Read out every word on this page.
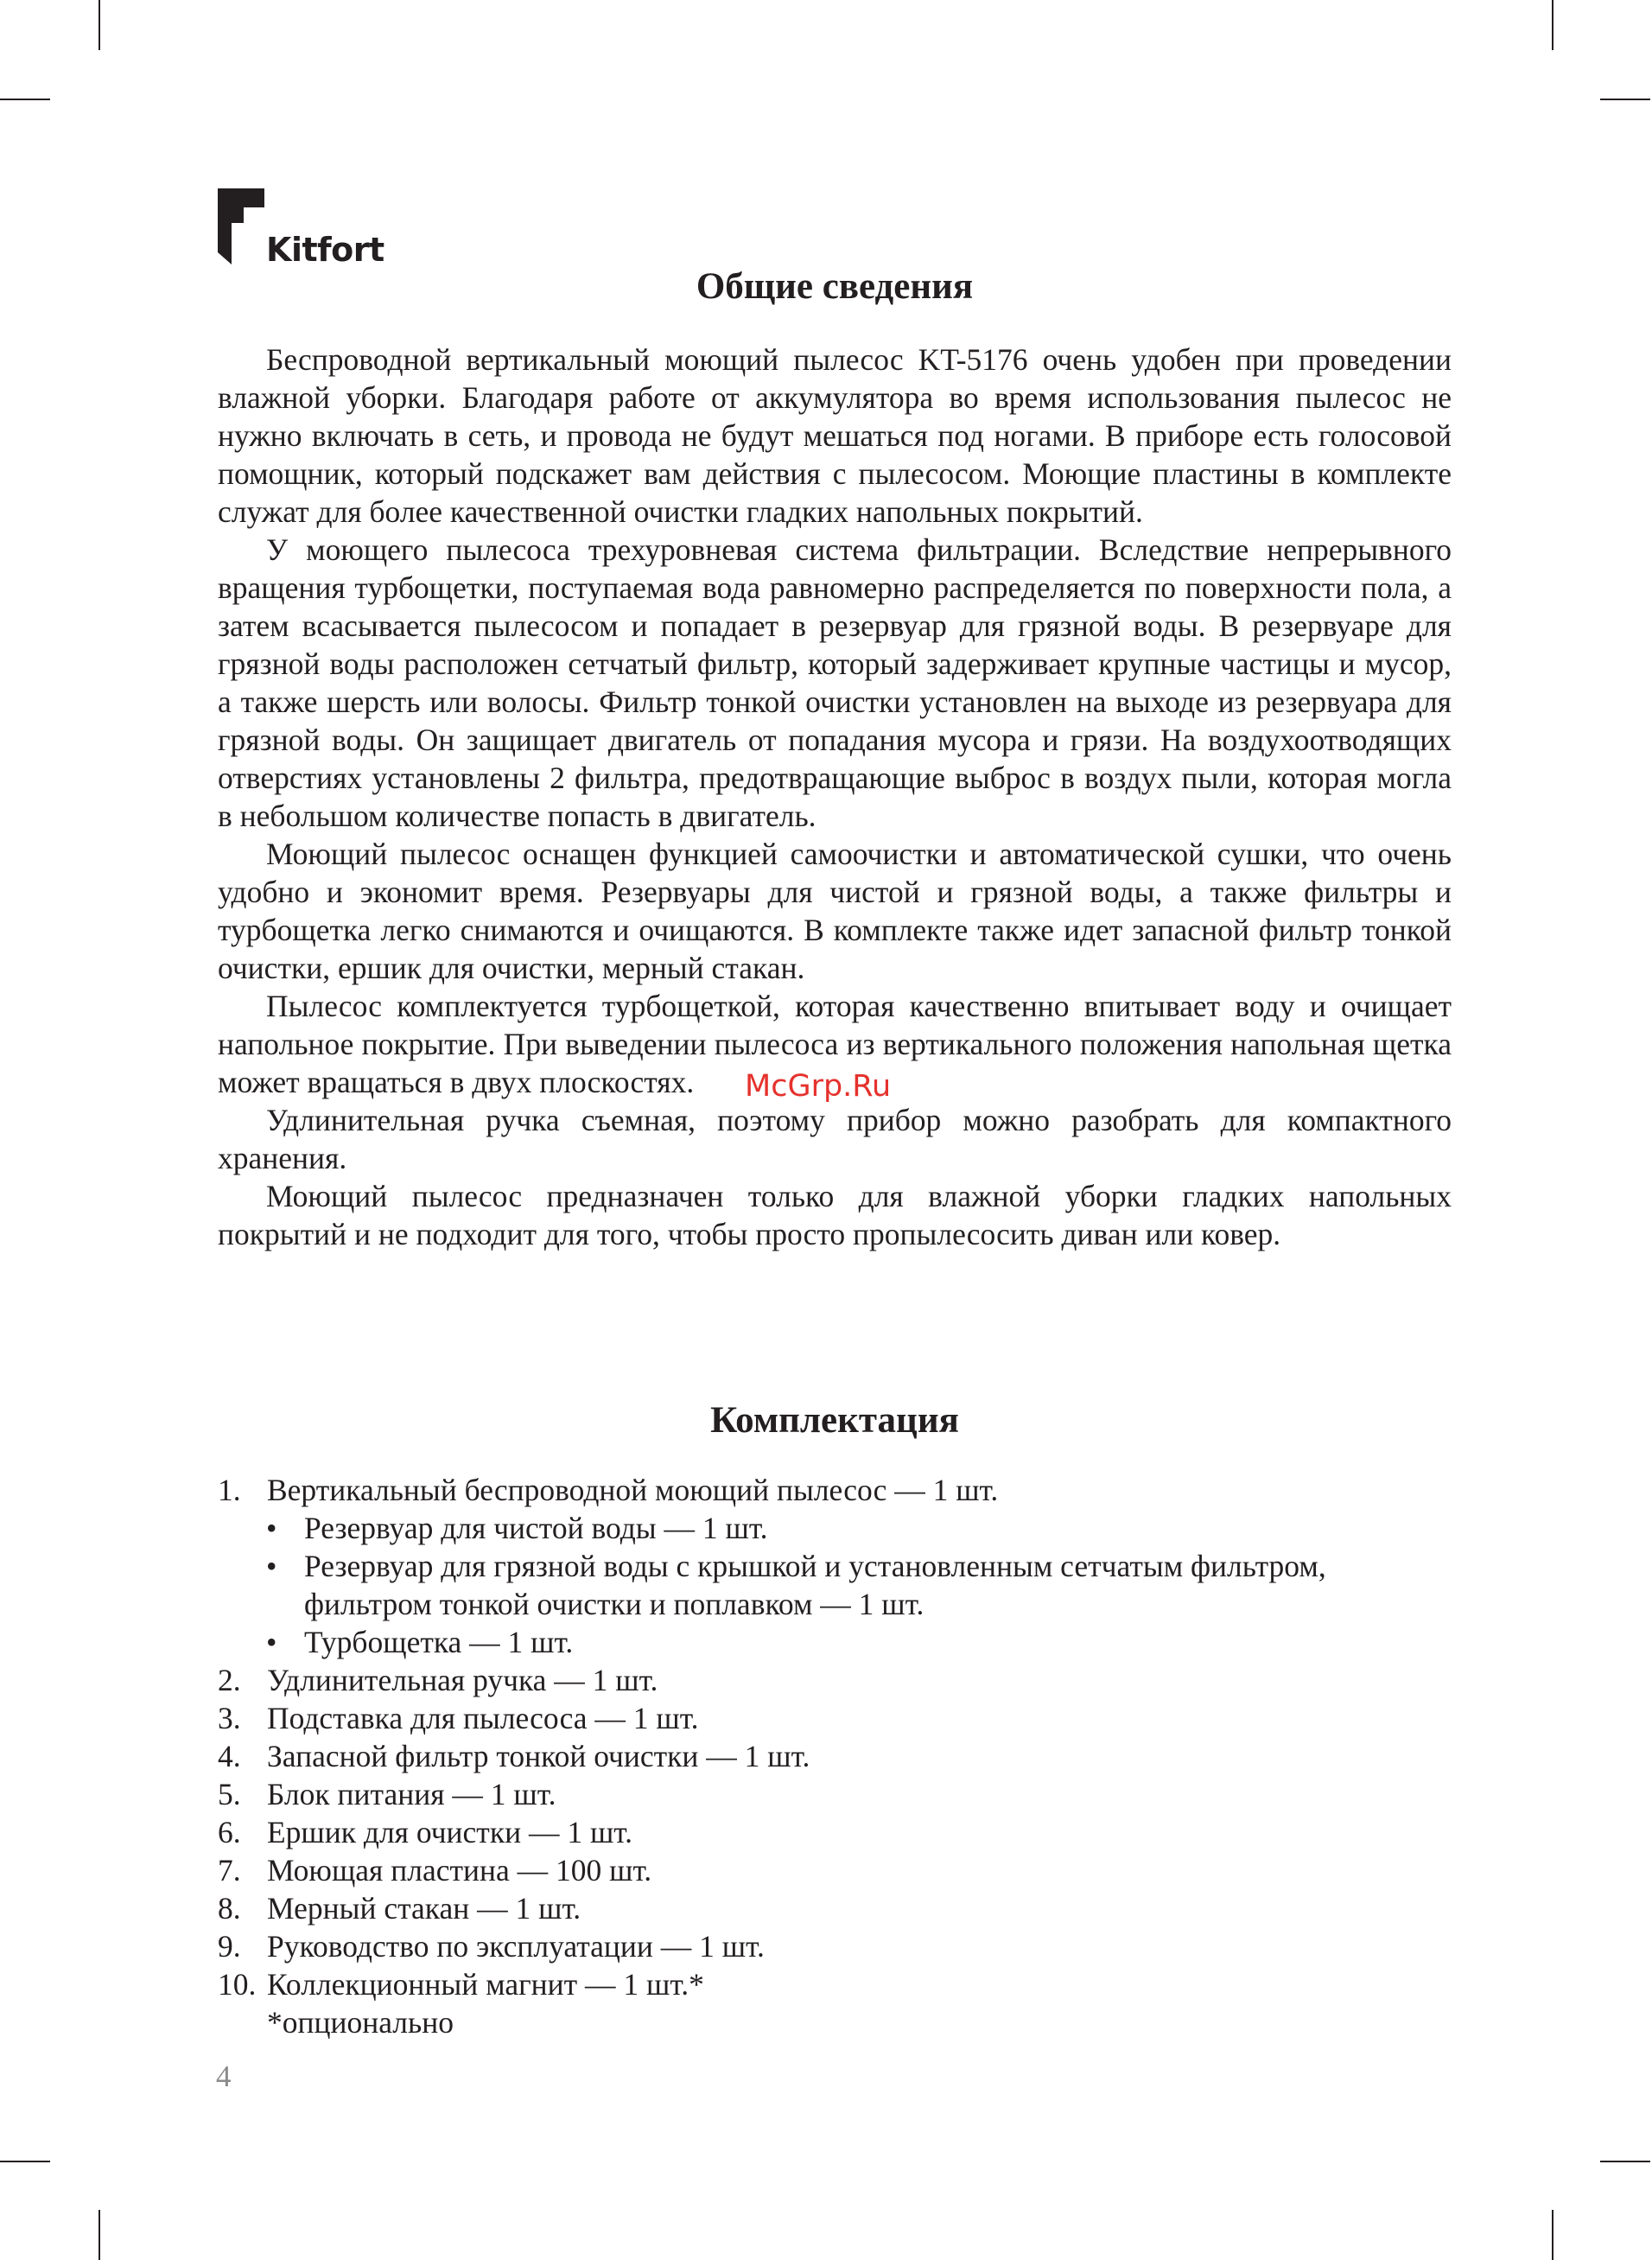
Kitfort
Общие сведения

Беспроводной вертикальный моющий пылесос KT-5176 очень удобен при проведении влажной уборки. Благодаря работе от аккумулятора во время использования пылесос не нужно включать в сеть, и провода не будут мешаться под ногами. В приборе есть голосовой помощник, который подскажет вам действия с пылесосом. Моющие пластины в комплекте служат для более качественной очистки гладких напольных покрытий.

У моющего пылесоса трехуровневая система фильтрации. Вследствие непрерывного вращения турбощетки, поступаемая вода равномерно распределяется по поверхности пола, а затем всасывается пылесосом и попадает в резервуар для грязной воды. В резервуаре для грязной воды расположен сетчатый фильтр, который задерживает крупные частицы и мусор, а также шерсть или волосы. Фильтр тонкой очистки установлен на выходе из резервуара для грязной воды. Он защищает двигатель от попадания мусора и грязи. На воздухоотводящих отверстиях установлены 2 фильтра, предотвращающие выброс в воздух пыли, которая могла в небольшом количестве попасть в двигатель.

Моющий пылесос оснащен функцией самоочистки и автоматической сушки, что очень удобно и экономит время. Резервуары для чистой и грязной воды, а также фильтры и турбощетка легко снимаются и очищаются. В комплекте также идет запасной фильтр тонкой очистки, ершик для очистки, мерный стакан.

Пылесос комплектуется турбощеткой, которая качественно впитывает воду и очищает напольное покрытие. При выведении пылесоса из вертикального положения напольная щетка может вращаться в двух плоскостях.

Удлинительная ручка съемная, поэтому прибор можно разобрать для компактного хранения.

Моющий пылесос предназначен только для влажной уборки гладких напольных покрытий и не подходит для того, чтобы просто пропылесосить диван или ковер.

McGrp.Ru
Комплектация
1. Вертикальный беспроводной моющий пылесос — 1 шт.
• Резервуар для чистой воды — 1 шт.
• Резервуар для грязной воды с крышкой и установленным сетчатым фильтром, фильтром тонкой очистки и поплавком — 1 шт.
• Турбощетка — 1 шт.
2. Удлинительная ручка — 1 шт.
3. Подставка для пылесоса — 1 шт.
4. Запасной фильтр тонкой очистки — 1 шт.
5. Блок питания — 1 шт.
6. Ершик для очистки — 1 шт.
7. Моющая пластина — 100 шт.
8. Мерный стакан — 1 шт.
9. Руководство по эксплуатации — 1 шт.
10. Коллекционный магнит — 1 шт.*
*опционально
4
